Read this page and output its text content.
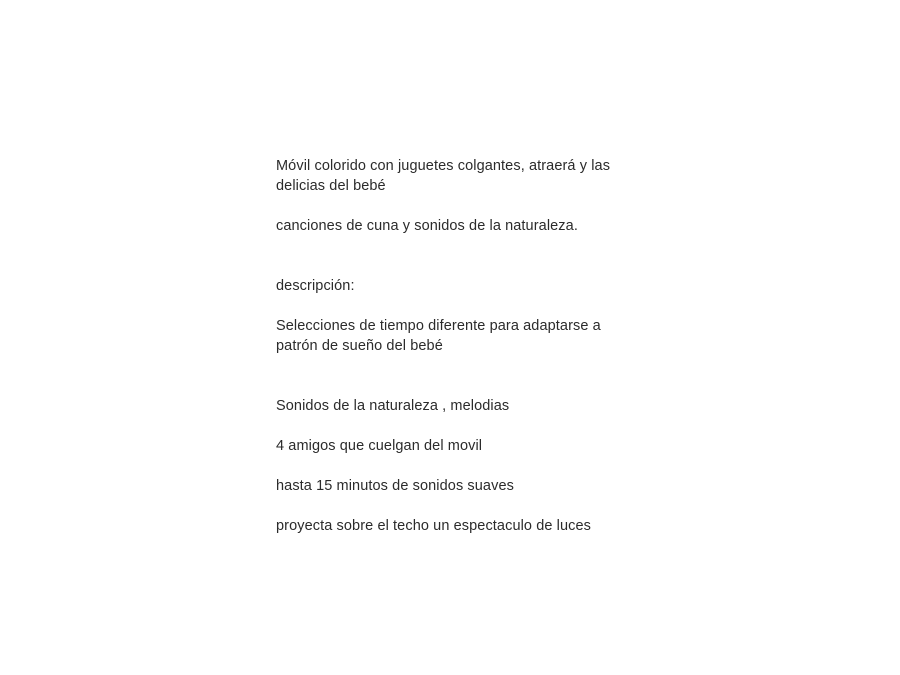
Móvil colorido con juguetes colgantes, atraerá y las delicias del bebé

canciones de cuna y sonidos de la naturaleza.

descripción:

Selecciones de tiempo diferente para adaptarse a patrón de sueño del bebé

Sonidos de la naturaleza , melodias

4 amigos que cuelgan del movil

hasta 15 minutos de sonidos suaves

proyecta sobre el techo un espectaculo de luces
